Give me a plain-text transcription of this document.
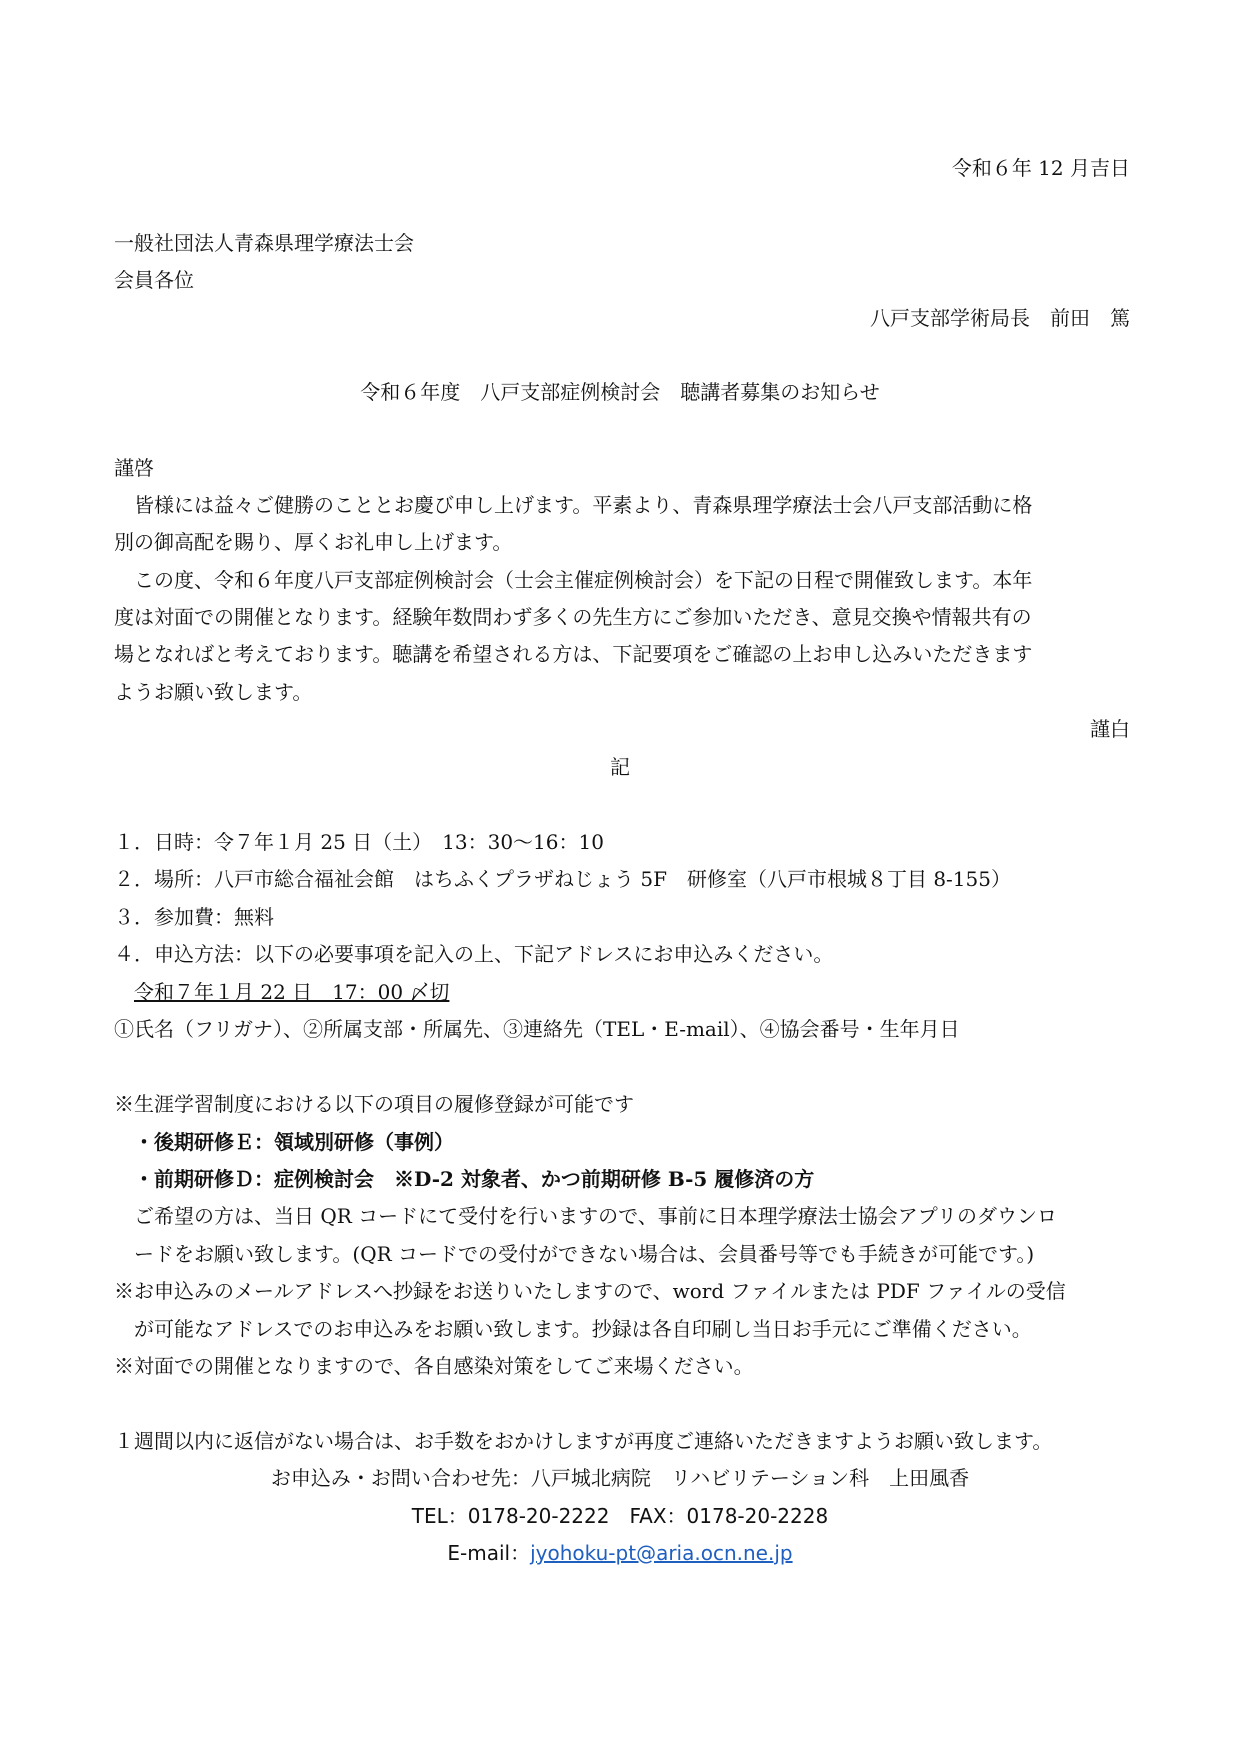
令和６年 12 月吉日
一般社団法人青森県理学療法士会
会員各位
八戸支部学術局長　前田　篤
令和６年度　八戸支部症例検討会　聴講者募集のお知らせ
謹啓
　皆様には益々ご健勝のこととお慶び申し上げます。平素より、青森県理学療法士会八戸支部活動に格
別の御高配を賜り、厚くお礼申し上げます。
　この度、令和６年度八戸支部症例検討会（士会主催症例検討会）を下記の日程で開催致します。本年
度は対面での開催となります。経験年数問わず多くの先生方にご参加いただき、意見交換や情報共有の
場となればと考えております。聴講を希望される方は、下記要項をご確認の上お申し込みいただきます
ようお願い致します。
謹白
記
１．日時：令７年１月 25 日（土）　13：30～16：10
２．場所：八戸市総合福祉会館　はちふくプラザねじょう 5F　研修室（八戸市根城８丁目 8-155）
３．参加費：無料
４．申込方法：以下の必要事項を記入の上、下記アドレスにお申込みください。
令和７年１月 22 日　17：00 〆切
①氏名（フリガナ）、②所属支部・所属先、③連絡先（TEL・E-mail）、④協会番号・生年月日
※生涯学習制度における以下の項目の履修登録が可能です
・後期研修Ｅ：領域別研修（事例）
・前期研修Ｄ：症例検討会　※D-2 対象者、かつ前期研修 B-5 履修済の方
ご希望の方は、当日 QR コードにて受付を行いますので、事前に日本理学療法士協会アプリのダウンロ
ードをお願い致します。(QR コードでの受付ができない場合は、会員番号等でも手続きが可能です。)
※お申込みのメールアドレスへ抄録をお送りいたしますので、word ファイルまたは PDF ファイルの受信
が可能なアドレスでのお申込みをお願い致します。抄録は各自印刷し当日お手元にご準備ください。
※対面での開催となりますので、各自感染対策をしてご来場ください。
１週間以内に返信がない場合は、お手数をおかけしますが再度ご連絡いただきますようお願い致します。
お申込み・お問い合わせ先：八戸城北病院　リハビリテーション科　上田風香
TEL：0178-20-2222　FAX：0178-20-2228
E-mail：jyohoku-pt@aria.ocn.ne.jp
